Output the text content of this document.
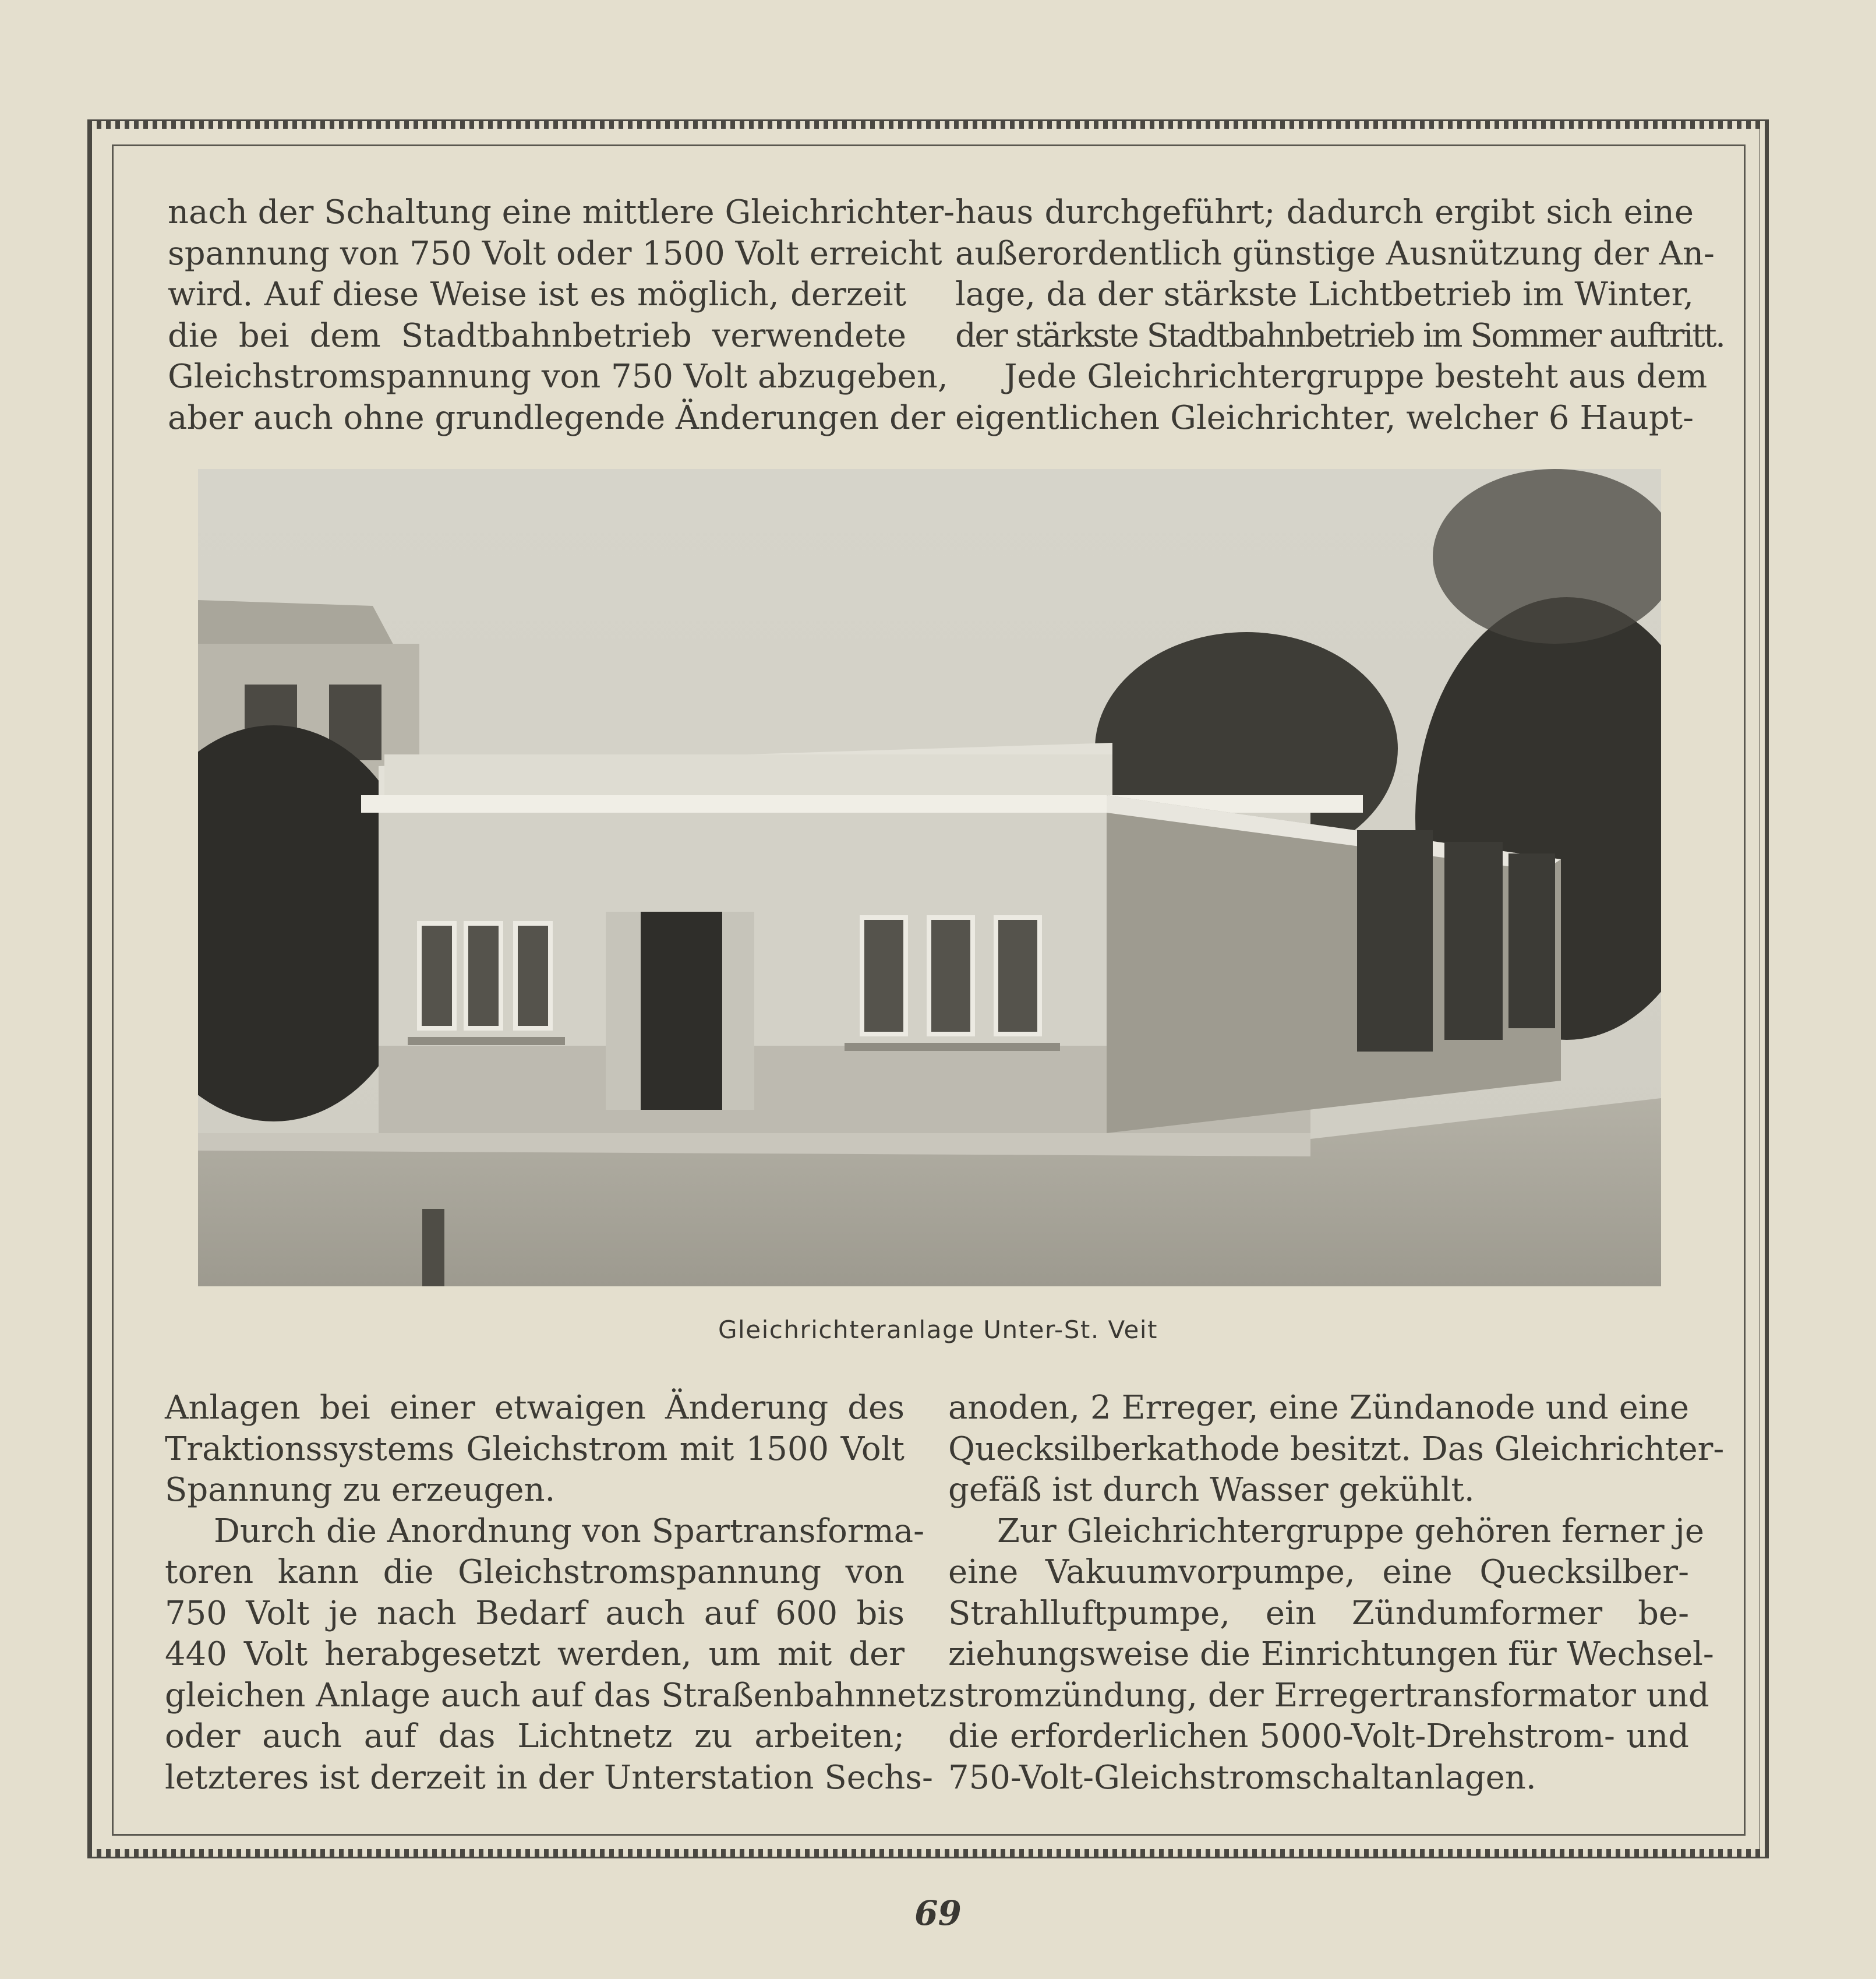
nach der Schaltung eine mittlere Gleichrichter-
spannung von 750 Volt oder 1500 Volt erreicht
wird. Auf diese Weise ist es möglich, derzeit
die bei dem Stadtbahnbetrieb verwendete
Gleichstromspannung von 750 Volt abzugeben,
aber auch ohne grundlegende Änderungen der
haus durchgeführt; dadurch ergibt sich eine
außerordentlich günstige Ausnützung der An-
lage, da der stärkste Lichtbetrieb im Winter,
der stärkste Stadtbahnbetrieb im Sommer auftritt.
Jede Gleichrichtergruppe besteht aus dem
eigentlichen Gleichrichter, welcher 6 Haupt-
Gleichrichteranlage Unter-St. Veit
Anlagen bei einer etwaigen Änderung des
Traktionssystems Gleichstrom mit 1500 Volt
Spannung zu erzeugen.
Durch die Anordnung von Spartransforma-
toren kann die Gleichstromspannung von
750 Volt je nach Bedarf auch auf 600 bis
440 Volt herabgesetzt werden, um mit der
gleichen Anlage auch auf das Straßenbahnnetz
oder auch auf das Lichtnetz zu arbeiten;
letzteres ist derzeit in der Unterstation Sechs-
anoden, 2 Erreger, eine Zündanode und eine
Quecksilberkathode besitzt. Das Gleichrichter-
gefäß ist durch Wasser gekühlt.
Zur Gleichrichtergruppe gehören ferner je
eine Vakuumvorpumpe, eine Quecksilber-
Strahlluftpumpe, ein Zündumformer be-
ziehungsweise die Einrichtungen für Wechsel-
stromzündung, der Erregertransformator und
die erforderlichen 5000-Volt-Drehstrom- und
750-Volt-Gleichstromschaltanlagen.
69
